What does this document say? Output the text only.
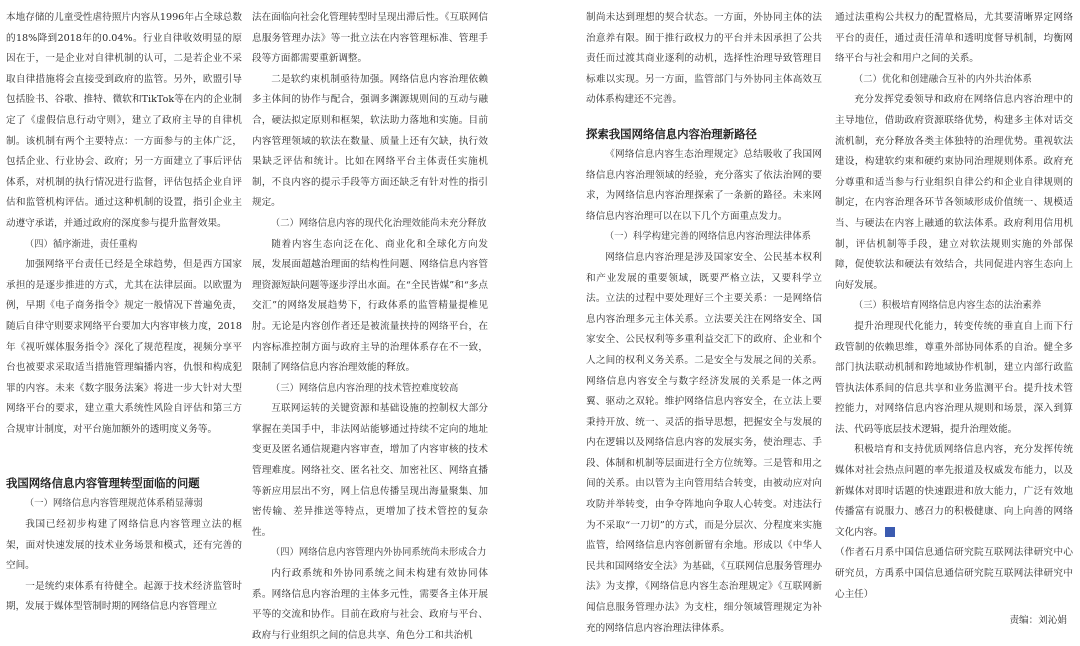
本地存储的儿童受性虐待照片内容从1996年占全球总数的18%降到2018年的0.04%。行业自律收效明显的原因在于，一是企业对自律机制的认可，二是若企业不采取自律措施将会直接受到政府的监管。另外，欧盟引导包括脸书、谷歌、推特、微软和TikTok等在内的企业制定了《虚假信息行动守则》，建立了政府主导的自律机制。该机制有两个主要特点：一方面参与的主体广泛，包括企业、行业协会、政府；另一方面建立了事后评估体系，对机制的执行情况进行监督，评估包括企业自评估和监管机构评估。通过这种机制的设置，指引企业主动遵守承诺，并通过政府的深度参与提升监督效果。

（四）循序渐进，责任重构

加强网络平台责任已经是全球趋势，但是西方国家承担的是逐步推进的方式，尤其在法律层面。以欧盟为例，早期《电子商务指令》规定一般情况下普遍免责，随后自律守则要求网络平台要加大内容审核力度，2018年《视听媒体服务指令》深化了规范程度，视频分享平台也被要求采取适当措施管理编播内容，仇恨和构成犯罪的内容。未来《数字服务法案》将进一步大针对大型网络平台的要求，建立重大系统性风险自评估和第三方合规审计制度，对平台施加额外的透明度义务等。

我国网络信息内容管理转型面临的问题

（一）网络信息内容管理规范体系稍显薄弱

我国已经初步构建了网络信息内容管理立法的框架，面对快速发展的技术业务场景和模式，还有完善的空间。

一是统约束体系有待健全。起源于技术经济监管时期，发展于媒体型管制时期的网络信息内容管理立

法在面临向社会化管理转型时呈现出滞后性。《互联网信息服务管理办法》等一批立法在内容管理标准、管理手段等方面都需要重新调整。

二是软约束机制亟待加强。网络信息内容治理依赖多主体间的协作与配合，强调多渊源规则间的互动与融合，硬法拟定原则和框架，软法助力落地和实施。目前内容管理领域的软法在数量、质量上还有欠缺，执行效果缺乏评估和统计。比如在网络平台主体责任实施机制，不良内容的提示手段等方面还缺乏有针对性的指引规定。

（二）网络信息内容的现代化治理效能尚未充分释放

随着内容生态向泛在化、商业化和全球化方向发展，发展面超越治理面的结构性问题、网络信息内容管理资源短缺问题等逐步浮出水面。在“全民皆媒”和“多点交汇”的网络发展趋势下，行政体系的监管精量提椎见肘。无论是内容创作者还是被流量挟持的网络平台，在内容标准控制方面与政府主导的治理体系存在不一致，限制了网络信息内容治理效能的释放。

（三）网络信息内容治理的技术管控难度较高

互联网运转的关键资源和基础设施的控制权大部分掌握在美国手中，非法网站能够通过持续不定向的地址变更及匿名通信规避内容审查，增加了内容审核的技术管理难度。网络社交、匿名社交、加密社区、网络直播等新应用层出不穷，网上信息传播呈现出海量聚集、加密传输、差异推送等特点，更增加了技术管控的复杂性。

（四）网络信息内容管理内外协同系统尚未形成合力

内行政系统和外协同系统之间未构建有效协同体系。网络信息内容治理的主体多元性，需要各主体开展平等的交流和协作。目前在政府与社会、政府与平台、政府与行业组织之间的信息共享、角色分工和共治机

制尚未达到理想的契合状态。一方面，外协同主体的法治意养有限。囿于推行政权力的平台并未因承担了公共责任而过渡其商业逐利的动机，选择性治理导致管理目标难以实现。另一方面，监管部门与外协同主体高效互动体系构建还不完善。

探索我国网络信息内容治理新路径

《网络信息内容生态治理规定》总结吸收了我国网络信息内容治理领域的经验，充分落实了依法治网的要求，为网络信息内容治理探索了一条新的路径。未来网络信息内容治理可以在以下几个方面重点发力。

（一）科学构建完善的网络信息内容治理法律体系

网络信息内容治理是涉及国家安全、公民基本权利和产业发展的重要领域，既要严格立法，又要科学立法。立法的过程中要处理好三个主要关系：一是网络信息内容治理多元主体关系。立法要关注在网络安全、国家安全、公民权利等多重利益交汇下的政府、企业和个人之间的权利义务关系。二是安全与发展之间的关系。网络信息内容安全与数字经济发展的关系是一体之两翼、驱动之双轮。维护网络信息内容安全，在立法上要秉持开放、统一、灵活的指导思想，把握安全与发展的内在逻辑以及网络信息内容的发展实务，使治理志、手段、体制和机制等层面进行全方位统筹。三是管和用之间的关系。由以管为主向管用结合转变，由被动应对向攻防并举转变，由争夺阵地向争取人心转变。对违法行为不采取“一刀切”的方式，而是分层次、分程度来实施监管，给网络信息内容创新留有余地。形成以《中华人民共和国网络安全法》为基础，《互联网信息服务管理办法》为支撑，《网络信息内容生态治理规定》《互联网新闻信息服务管理办法》为支柱，细分领域管理规定为补充的网络信息内容治理法律体系。

通过法重构公共权力的配置格局，尤其要清晰界定网络平台的责任，通过责任清单和透明度督导机制，均衡网络平台与社会和用户之间的关系。

（二）优化和创建融合互补的内外共治体系

充分发挥党委领导和政府在网络信息内容治理中的主导地位，借助政府资源联络优势，构建多主体对话交流机制，充分释放各类主体独特的治理优势。重视软法建设，构建软约束和硬约束协同治理规则体系。政府充分尊重和适当参与行业组织自律公约和企业自律规则的制定，在内容治理各环节各领域形成价值统一、规模适当、与硬法在内容上融通的软法体系。政府利用信用机制，评估机制等手段，建立对软法规则实施的外部保障，促使软法和硬法有效结合，共同促进内容生态向上向好发展。

（三）积极培育网络信息内容生态的法治素养

提升治理现代化能力，转变传统的垂直自上而下行政管制的依赖思维，尊重外部协同体系的自治。健全多部门执法联动机制和跨地域协作机制，建立内部行政监管执法体系间的信息共享和业务监测平台。提升技术管控能力，对网络信息内容治理从规则和场景，深入到算法、代码等底层技术逻辑，提升治理效能。

积极培育和支持优质网络信息内容，充分发挥传统媒体对社会热点问题的率先报道及权威发布能力，以及新媒体对即时话题的快速跟进和放大能力，广泛有效地传播富有说服力、感召力的积极健康、向上向善的网络文化内容。	网

（作者石月系中国信息通信研究院互联网法律研究中心研究员，方禹系中国信息通信研究院互联网法律研究中心主任）

责编：刘沁娟
